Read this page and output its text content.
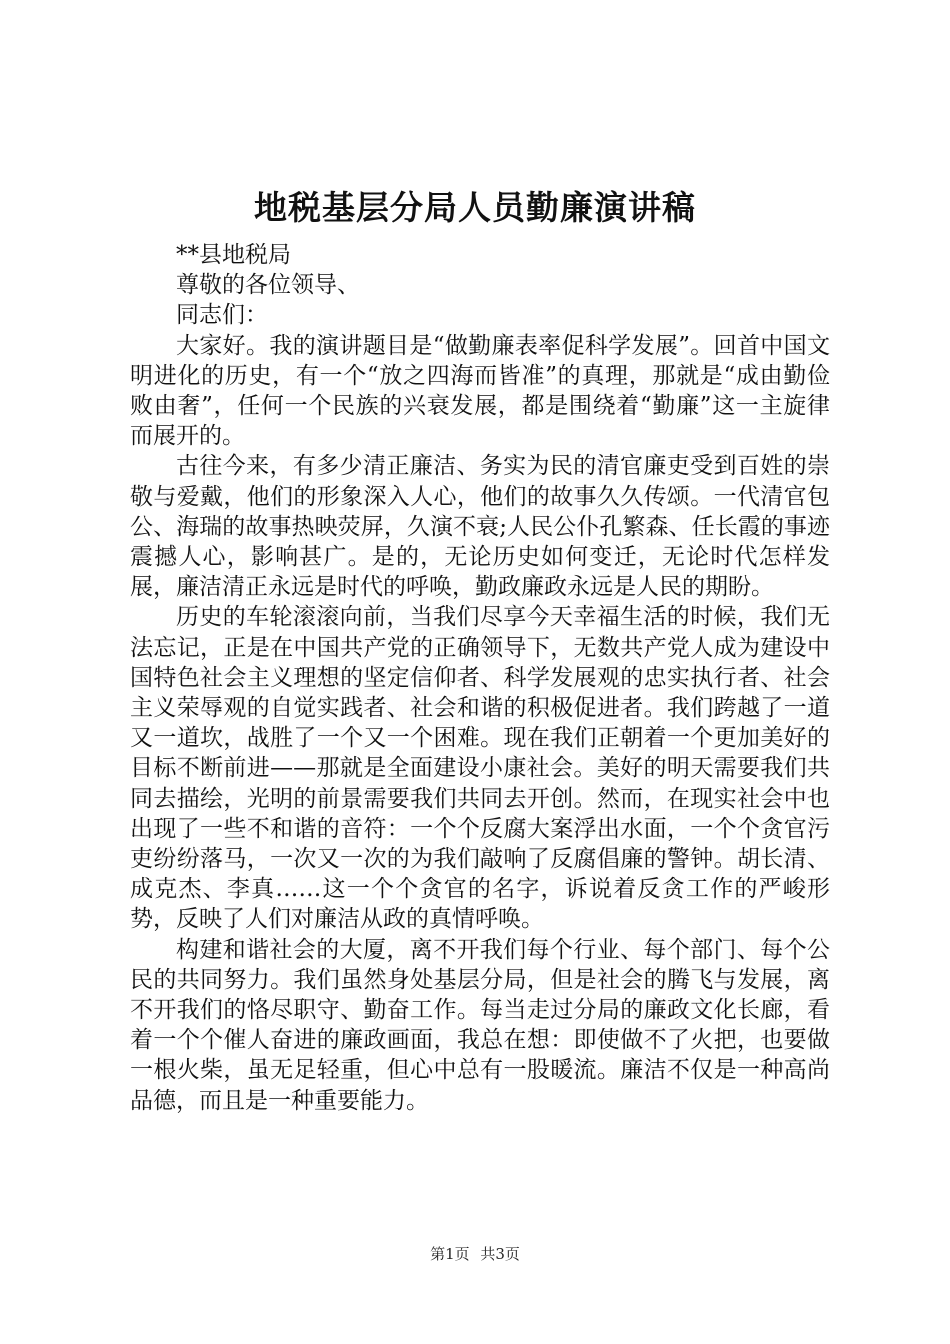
地税基层分局人员勤廉演讲稿

**县地税局

尊敬的各位领导、

同志们：

大家好。我的演讲题目是“做勤廉表率促科学发展”。回首中国文明进化的历史，有一个“放之四海而皆准”的真理，那就是“成由勤俭败由奢”，任何一个民族的兴衰发展，都是围绕着“勤廉”这一主旋律而展开的。

古往今来，有多少清正廉洁、务实为民的清官廉吏受到百姓的崇敬与爱戴，他们的形象深入人心，他们的故事久久传颂。一代清官包公、海瑞的故事热映荧屏，久演不衰;人民公仆孔繁森、任长霞的事迹震撼人心，影响甚广。是的，无论历史如何变迁，无论时代怎样发展，廉洁清正永远是时代的呼唤，勤政廉政永远是人民的期盼。

历史的车轮滚滚向前，当我们尽享今天幸福生活的时候，我们无法忘记，正是在中国共产党的正确领导下，无数共产党人成为建设中国特色社会主义理想的坚定信仰者、科学发展观的忠实执行者、社会主义荣辱观的自觉实践者、社会和谐的积极促进者。我们跨越了一道又一道坎，战胜了一个又一个困难。现在我们正朝着一个更加美好的目标不断前进——那就是全面建设小康社会。美好的明天需要我们共同去描绘，光明的前景需要我们共同去开创。然而，在现实社会中也出现了一些不和谐的音符：一个个反腐大案浮出水面，一个个贪官污吏纷纷落马，一次又一次的为我们敲响了反腐倡廉的警钟。胡长清、成克杰、李真……这一个个贪官的名字，诉说着反贪工作的严峻形势，反映了人们对廉洁从政的真情呼唤。

构建和谐社会的大厦，离不开我们每个行业、每个部门、每个公民的共同努力。我们虽然身处基层分局，但是社会的腾飞与发展，离不开我们的恪尽职守、勤奋工作。每当走过分局的廉政文化长廊，看着一个个催人奋进的廉政画面，我总在想：即使做不了火把，也要做一根火柴，虽无足轻重，但心中总有一股暖流。廉洁不仅是一种高尚品德，而且是一种重要能力。

第1页 共3页
